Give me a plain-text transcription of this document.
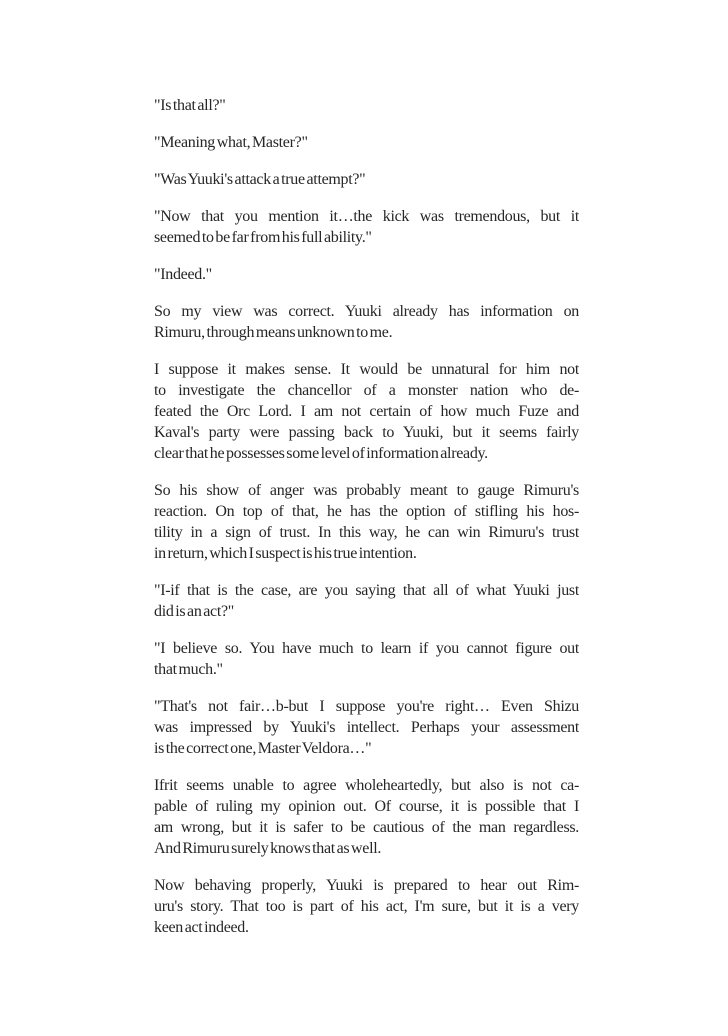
"Is that all?"
"Meaning what, Master?"
"Was Yuuki's attack a true attempt?"
"Now that you mention it…the kick was tremendous, but it
seemed to be far from his full ability."
"Indeed."
So my view was correct. Yuuki already has information on
Rimuru, through means unknown to me.
I suppose it makes sense. It would be unnatural for him not
to investigate the chancellor of a monster nation who de-
feated the Orc Lord. I am not certain of how much Fuze and
Kaval's party were passing back to Yuuki, but it seems fairly
clear that he possesses some level of information already.
So his show of anger was probably meant to gauge Rimuru's
reaction. On top of that, he has the option of stifling his hos-
tility in a sign of trust. In this way, he can win Rimuru's trust
in return, which I suspect is his true intention.
"I-if that is the case, are you saying that all of what Yuuki just
did is an act?"
"I believe so. You have much to learn if you cannot figure out
that much."
"That's not fair…b-but I suppose you're right… Even Shizu
was impressed by Yuuki's intellect. Perhaps your assessment
is the correct one, Master Veldora…"
Ifrit seems unable to agree wholeheartedly, but also is not ca-
pable of ruling my opinion out. Of course, it is possible that I
am wrong, but it is safer to be cautious of the man regardless.
And Rimuru surely knows that as well.
Now behaving properly, Yuuki is prepared to hear out Rim-
uru's story. That too is part of his act, I'm sure, but it is a very
keen act indeed.
